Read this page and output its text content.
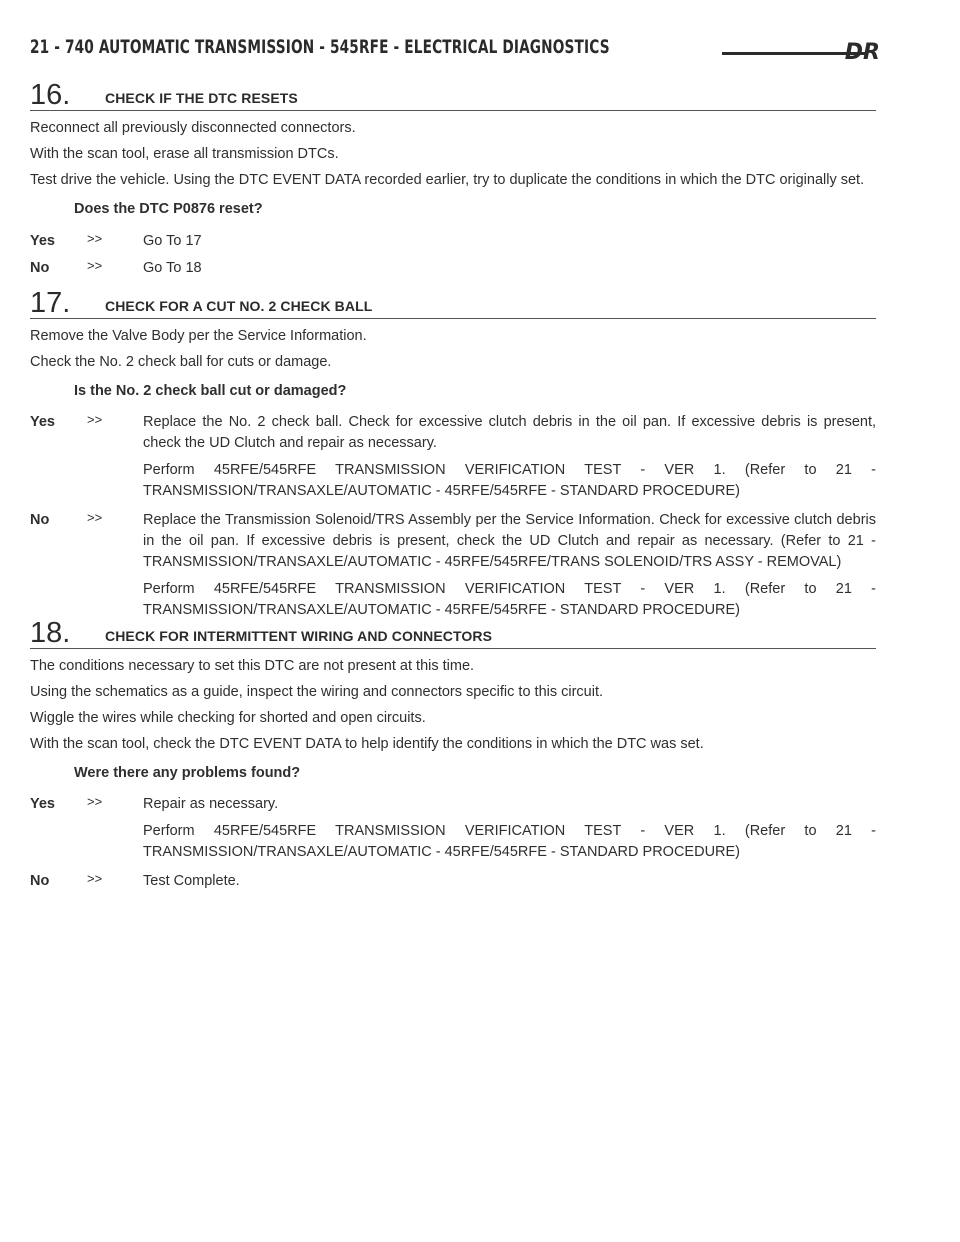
21 - 740 AUTOMATIC TRANSMISSION - 545RFE - ELECTRICAL DIAGNOSTICS	DR
16. CHECK IF THE DTC RESETS

Reconnect all previously disconnected connectors.

With the scan tool, erase all transmission DTCs.

Test drive the vehicle. Using the DTC EVENT DATA recorded earlier, try to duplicate the conditions in which the DTC originally set.

Does the DTC P0876 reset?

Yes >>	Go To 17

No	>>	Go To 18

17. CHECK FOR A CUT NO. 2 CHECK BALL

Remove the Valve Body per the Service Information.

Check the No. 2 check ball for cuts or damage.

Is the No. 2 check ball cut or damaged?

Yes >>	Replace the No. 2 check ball. Check for excessive clutch debris in the oil pan. If excessive debris is present, check the UD Clutch and repair as necessary.

Perform 45RFE/545RFE TRANSMISSION VERIFICATION TEST - VER 1. (Refer to 21 - TRANSMISSION/TRANSAXLE/AUTOMATIC - 45RFE/545RFE - STANDARD PROCEDURE)

No	>>	Replace the Transmission Solenoid/TRS Assembly per the Service Information. Check for excessive clutch debris in the oil pan. If excessive debris is present, check the UD Clutch and repair as necessary. (Refer to 21 - TRANSMISSION/TRANSAXLE/AUTOMATIC - 45RFE/545RFE/TRANS SOLENOID/TRS ASSY - REMOVAL)

Perform 45RFE/545RFE TRANSMISSION VERIFICATION TEST - VER 1. (Refer to 21 - TRANSMISSION/TRANSAXLE/AUTOMATIC - 45RFE/545RFE - STANDARD PROCEDURE)

18. CHECK FOR INTERMITTENT WIRING AND CONNECTORS

The conditions necessary to set this DTC are not present at this time.

Using the schematics as a guide, inspect the wiring and connectors specific to this circuit.

Wiggle the wires while checking for shorted and open circuits.

With the scan tool, check the DTC EVENT DATA to help identify the conditions in which the DTC was set.

Were there any problems found?

Yes >>	Repair as necessary.

Perform 45RFE/545RFE TRANSMISSION VERIFICATION TEST - VER 1. (Refer to 21 - TRANSMISSION/TRANSAXLE/AUTOMATIC - 45RFE/545RFE - STANDARD PROCEDURE)

No	>>	Test Complete.
